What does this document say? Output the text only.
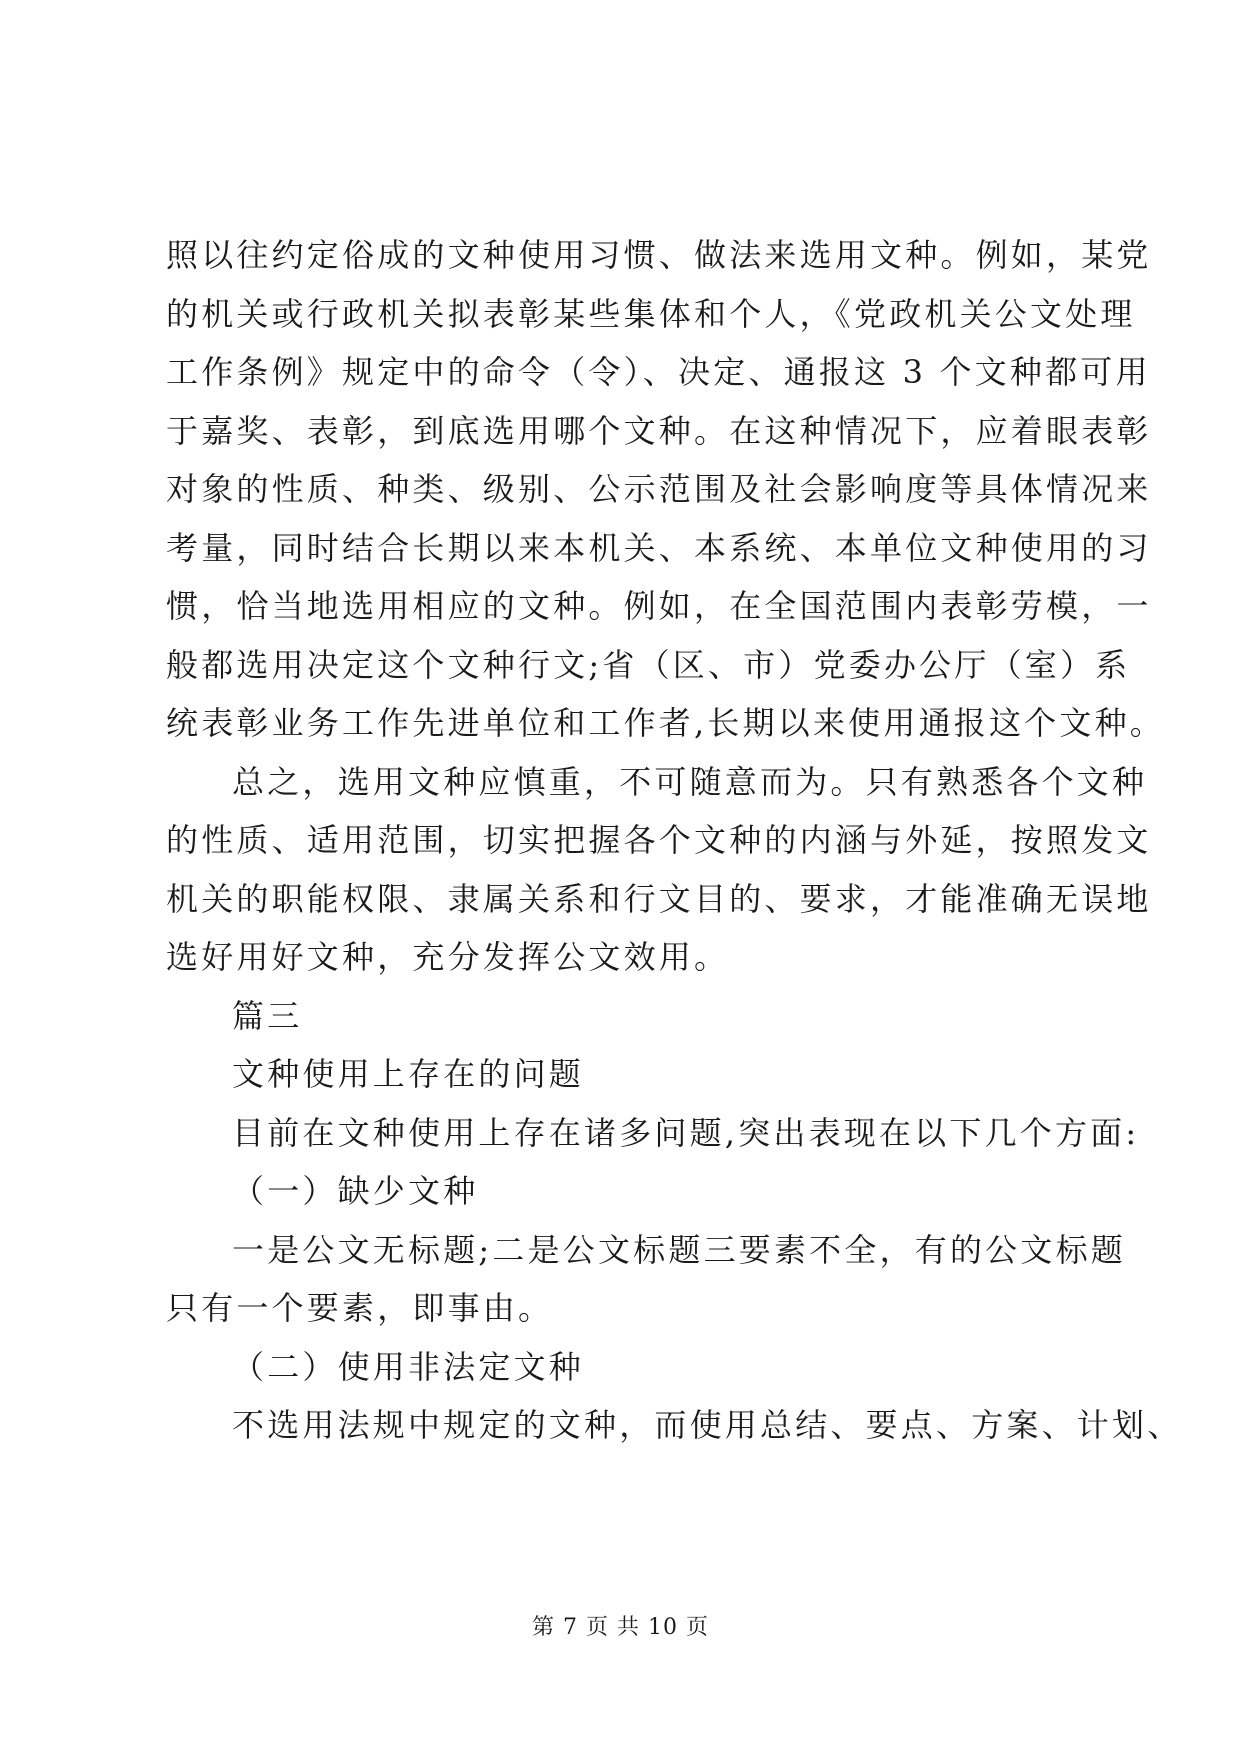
照以往约定俗成的文种使用习惯、做法来选用文种。例如，某党
的机关或行政机关拟表彰某些集体和个人，《党政机关公文处理
工作条例》规定中的命令（令）、决定、通报这 3 个文种都可用
于嘉奖、表彰，到底选用哪个文种。在这种情况下，应着眼表彰
对象的性质、种类、级别、公示范围及社会影响度等具体情况来
考量，同时结合长期以来本机关、本系统、本单位文种使用的习
惯，恰当地选用相应的文种。例如，在全国范围内表彰劳模，一
般都选用决定这个文种行文;省（区、市）党委办公厅（室）系
统表彰业务工作先进单位和工作者,长期以来使用通报这个文种。
总之，选用文种应慎重，不可随意而为。只有熟悉各个文种
的性质、适用范围，切实把握各个文种的内涵与外延，按照发文
机关的职能权限、隶属关系和行文目的、要求，才能准确无误地
选好用好文种，充分发挥公文效用。
篇三
文种使用上存在的问题
目前在文种使用上存在诸多问题,突出表现在以下几个方面:
（一）缺少文种
一是公文无标题;二是公文标题三要素不全，有的公文标题
只有一个要素，即事由。
（二）使用非法定文种
不选用法规中规定的文种，而使用总结、要点、方案、计划、
第 7 页 共 10 页
